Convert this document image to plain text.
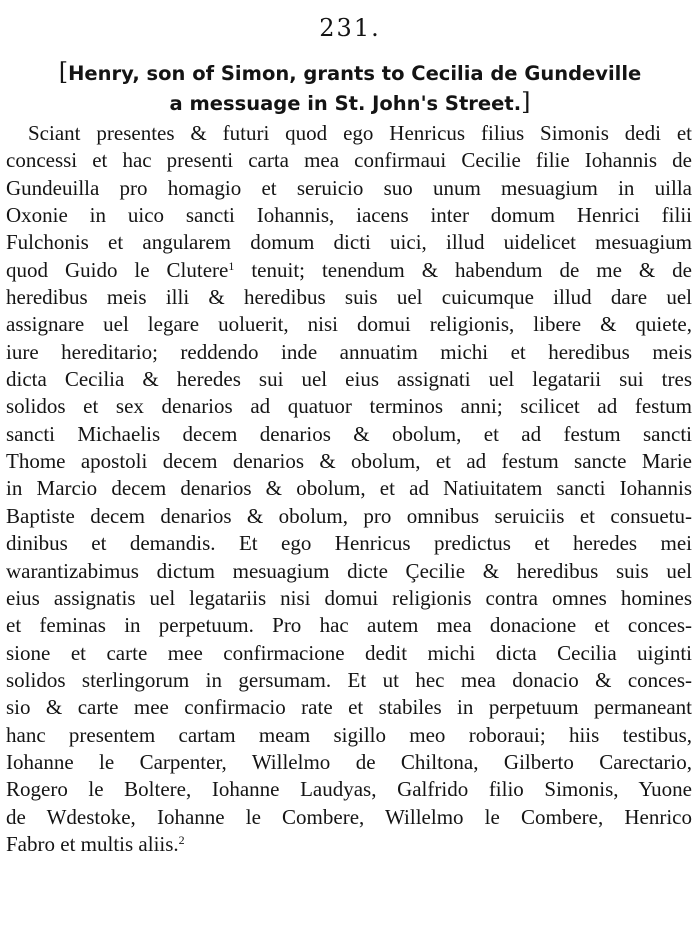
231.
[Henry, son of Simon, grants to Cecilia de Gundeville
a messuage in St. John's Street.]
Sciant presentes & futuri quod ego Henricus filius Simonis dedi et
concessi et hac presenti carta mea confirmaui Cecilie filie Iohannis de
Gundeuilla pro homagio et seruicio suo unum mesuagium in uilla
Oxonie in uico sancti Iohannis, iacens inter domum Henrici filii
Fulchonis et angularem domum dicti uici, illud uidelicet mesuagium
quod Guido le Clutere$^1$ tenuit; tenendum & habendum de me & de
heredibus meis illi & heredibus suis uel cuicumque illud dare uel
assignare uel legare uoluerit, nisi domui religionis, libere & quiete,
iure hereditario; reddendo inde annuatim michi et heredibus meis
dicta Cecilia & heredes sui uel eius assignati uel legatarii sui tres
solidos et sex denarios ad quatuor terminos anni; scilicet ad festum
sancti Michaelis decem denarios & obolum, et ad festum sancti
Thome apostoli decem denarios & obolum, et ad festum sancte Marie
in Marcio decem denarios & obolum, et ad Natiuitatem sancti Iohannis
Baptiste decem denarios & obolum, pro omnibus seruiciis et consuetu-
dinibus et demandis. Et ego Henricus predictus et heredes mei
warantizabimus dictum mesuagium dicte Çecilie & heredibus suis uel
eius assignatis uel legatariis nisi domui religionis contra omnes homines
et feminas in perpetuum. Pro hac autem mea donacione et conces-
sione et carte mee confirmacione dedit michi dicta Cecilia uiginti
solidos sterlingorum in gersumam. Et ut hec mea donacio & conces-
sio & carte mee confirmacio rate et stabiles in perpetuum permaneant
hanc presentem cartam meam sigillo meo roboraui; hiis testibus,
Iohanne le Carpenter, Willelmo de Chiltona, Gilberto Carectario,
Rogero le Boltere, Iohanne Laudyas, Galfrido filio Simonis, Yuone
de Wdestoke, Iohanne le Combere, Willelmo le Combere, Henrico
Fabro et multis aliis.$^2$
